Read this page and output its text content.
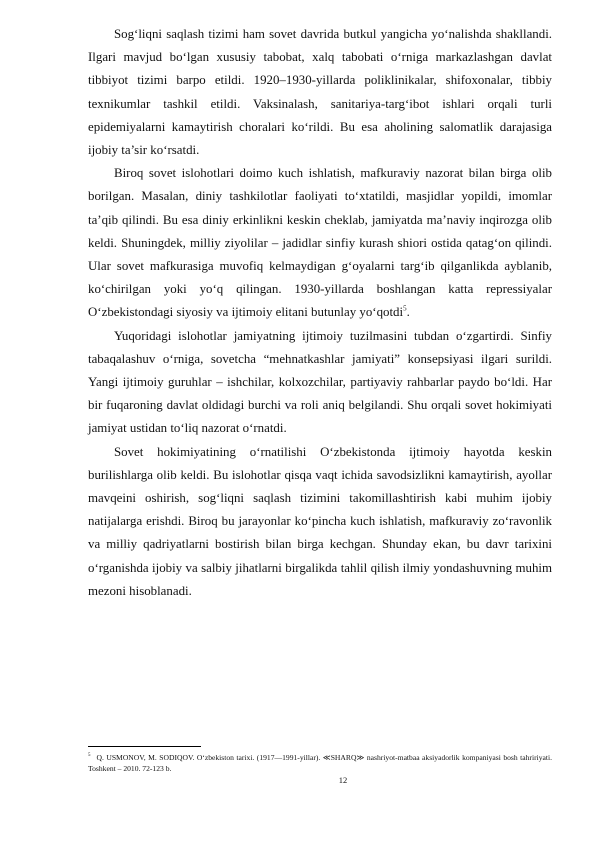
Sog‘liqni saqlash tizimi ham sovet davrida butkul yangicha yo‘nalishda shakllandi. Ilgari mavjud bo‘lgan xususiy tabobat, xalq tabobati o‘rniga markazlashgan davlat tibbiyot tizimi barpo etildi. 1920–1930-yillarda poliklinikalar, shifoxonalar, tibbiy texnikumlar tashkil etildi. Vaksinalash, sanitariya-targ‘ibot ishlari orqali turli epidemiyalarni kamaytirish choralari ko‘rildi. Bu esa aholining salomatlik darajasiga ijobiy ta’sir ko‘rsatdi.

Biroq sovet islohotlari doimo kuch ishlatish, mafkuraviy nazorat bilan birga olib borilgan. Masalan, diniy tashkilotlar faoliyati to‘xtatildi, masjidlar yopildi, imomlar ta’qib qilindi. Bu esa diniy erkinlikni keskin cheklab, jamiyatda ma’naviy inqirozga olib keldi. Shuningdek, milliy ziyolilar – jadidlar sinfiy kurash shiori ostida qatag‘on qilindi. Ular sovet mafkurasiga muvofiq kelmaydigan g‘oyalarni targ‘ib qilganlikda ayblanib, ko‘chirilgan yoki yo‘q qilingan. 1930-yillarda boshlangan katta repressiyalar O‘zbekistondagi siyosiy va ijtimoiy elitani butunlay yo‘qotdi$^5$.

Yuqoridagi islohotlar jamiyatning ijtimoiy tuzilmasini tubdan o‘zgartirdi. Sinfiy tabaqalashuv o‘rniga, sovetcha “mehnatkashlar jamiyati” konsepsiyasi ilgari surildi. Yangi ijtimoiy guruhlar – ishchilar, kolxozchilar, partiyaviy rahbarlar paydo bo‘ldi. Har bir fuqaroning davlat oldidagi burchi va roli aniq belgilandi. Shu orqali sovet hokimiyati jamiyat ustidan to‘liq nazorat o‘rnatdi.

Sovet hokimiyatining o‘rnatilishi O‘zbekistonda ijtimoiy hayotda keskin burilishlarga olib keldi. Bu islohotlar qisqa vaqt ichida savodsizlikni kamaytirish, ayollar mavqeini oshirish, sog‘liqni saqlash tizimini takomillashtirish kabi muhim ijobiy natijalarga erishdi. Biroq bu jarayonlar ko‘pincha kuch ishlatish, mafkuraviy zo‘ravonlik va milliy qadriyatlarni bostirish bilan birga kechgan. Shunday ekan, bu davr tarixini o‘rganishda ijobiy va salbiy jihatlarni birgalikda tahlil qilish ilmiy yondashuvning muhim mezoni hisoblanadi.

$^5$ Q. USMONOV, M. SODIQOV. O‘zbekiston tarixi. (1917—1991-yillar). ≪SHARQ≫ nashriyot-matbaa aksiyadorlik kompaniyasi bosh tahririyati. Toshkent – 2010. 72-123 b.

12
